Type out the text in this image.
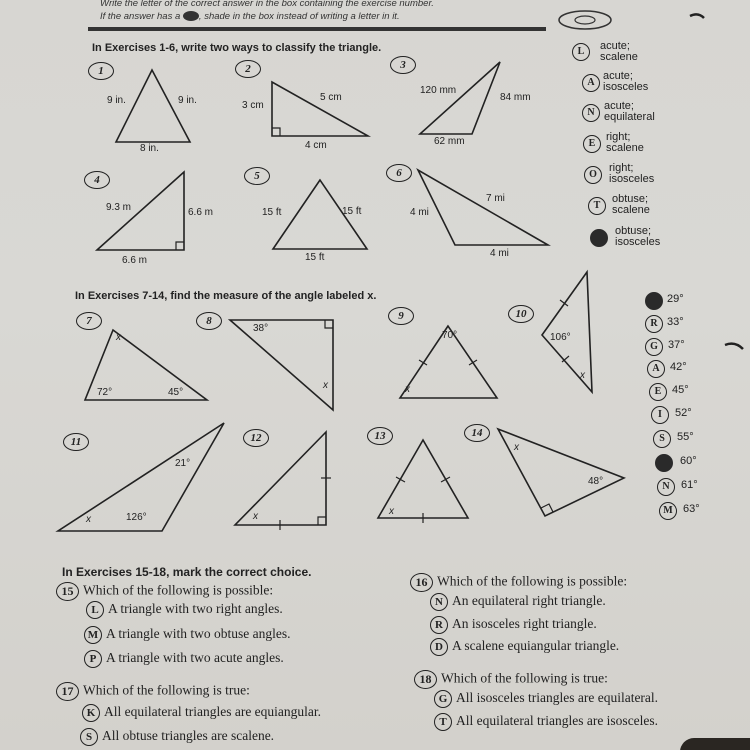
Write the letter of the correct answer in the box containing the exercise number.
If the answer has a , shade in the box instead of writing a letter in it.
In Exercises 1-6, write two ways to classify the triangle.
1	2	3
4	5	6
9 in.	9 in.
8 in.
3 cm
5 cm
4 cm
120 mm
84 mm
62 mm
9.3 m	6.6 m
6.6 m
15 ft	15 ft
15 ft
7 mi
4 mi
4 mi
L	acute;
scalene
A
acute;
isosceles
N
acute;
equilateral
E
right;
scalene
O
right;
isosceles
T
obtuse;
scalene
obtuse;
isosceles
In Exercises 7-14, find the measure of the angle labeled x.
7	8	9	10
11	12	13	14
x
72°	45°
38°
x
70°
x
106°
x
21°
126°
x	x	x
x
48°
29°
R 33°
G 37°
A 42°
E 45°
I	52°
S	55°
60°
N	61°
M 63°
In Exercises 15-18, mark the correct choice.
15 Which of the following is possible:
L A triangle with two right angles.
M A triangle with two obtuse angles.
P A triangle with two acute angles.
16 Which of the following is possible:
N An equilateral right triangle.
R An isosceles right triangle.
D A scalene equiangular triangle.
17 Which of the following is true:
K All equilateral triangles are equiangular.
S All obtuse triangles are scalene.
18 Which of the following is true:
G All isosceles triangles are equilateral.
T All equilateral triangles are isosceles.
